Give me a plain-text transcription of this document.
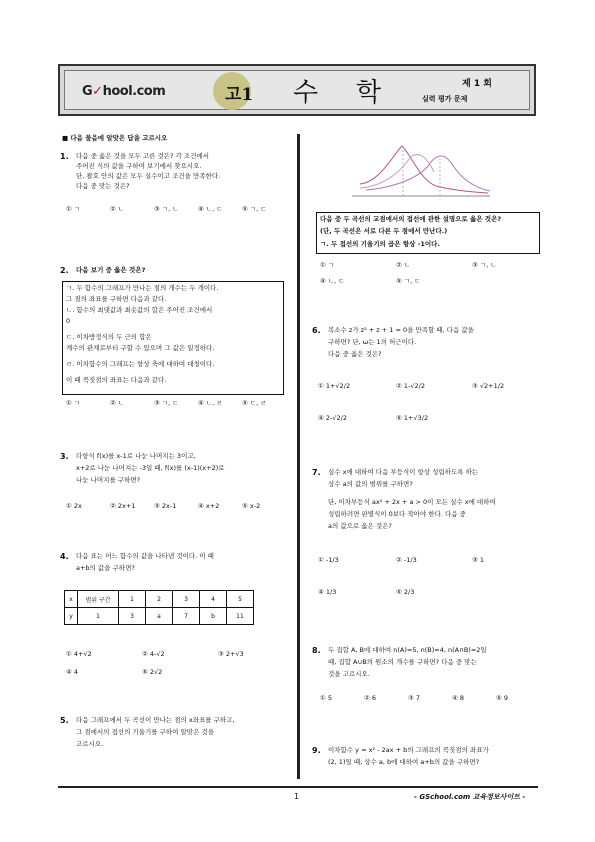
G✓hool.com	고1 수 학	제 1 회
실력 평가 문제
■ 다음 물음에 알맞은 답을 고르시오
1. 다음 중 옳은 것을 모두 고른 것은? 각 조건에서
주어진 식의 값을 구하여 보기에서 찾으시오.
단, 괄호 안의 값은 모두 실수이고 조건을 만족한다.
다음 중 맞는 것은?
① ㄱ	② ㄴ	③ ㄱ, ㄴ	④ ㄴ, ㄷ	⑤ ㄱ, ㄷ
2. 다음 보기 중 옳은 것은?
ㄱ. 두 함수의 그래프가 만나는 점의 개수는 두 개이다.
그 점의 좌표를 구하면 다음과 같다.
ㄴ. 함수의 최댓값과 최솟값의 합은 주어진 조건에서
0
ㄷ. 이차방정식의 두 근의 합은
계수의 관계로부터 구할 수 있으며 그 값은 일정하다.
ㄹ. 이차함수의 그래프는 항상 축에 대하여 대칭이다.
이 때 꼭짓점의 좌표는 다음과 같다.
① ㄱ	② ㄴ	③ ㄱ, ㄷ	④ ㄴ, ㄹ	⑤ ㄷ, ㄹ
3. 다항식 f(x)를 x-1로 나눈 나머지는 3이고,
x+2로 나눈 나머지는 -3일 때, f(x)를 (x-1)(x+2)로
나눈 나머지를 구하면?
① 2x	② 2x+1	③ 2x-1	④ x+2	⑤ x-2
4. 다음 표는 어느 함수의 값을 나타낸 것이다. 이 때
a+b의 값을 구하면?
x	범위 구간	1	2	3	4	5
y	1	3	a	7	b	11
① 4+√2	② 4-√2	③ 2+√3
④ 4	⑤ 2√2
5. 다음 그래프에서 두 곡선이 만나는 점의 x좌표를 구하고,
그 점에서의 접선의 기울기를 구하여 알맞은 것을
고르시오.
다음 중 두 곡선의 교점에서의 접선에 관한 설명으로 옳은 것은?
(단, 두 곡선은 서로 다른 두 점에서 만난다.)
ㄱ. 두 접선의 기울기의 곱은 항상 -1이다.
① ㄱ	② ㄴ	③ ㄱ, ㄴ
④ ㄴ, ㄷ	⑤ ㄱ, ㄷ
6. 복소수 z가 z² + z + 1 = 0을 만족할 때, 다음 값을
구하면? 단, ω는 1의 허근이다.
다음 중 옳은 것은?
① 1+√2/2	② 1-√2/2	③ √2+1/2
④ 2-√2/2	⑤ 1+√3/2
7. 실수 x에 대하여 다음 부등식이 항상 성립하도록 하는
상수 a의 값의 범위를 구하면?
단, 이차부등식 ax² + 2x + a > 0이 모든 실수 x에 대하여
성립하려면 판별식이 0보다 작아야 한다. 다음 중
a의 값으로 옳은 것은?
① -1/3	② -1/3	③ 1
④ 1/3	⑤ 2/3
8. 두 집합 A, B에 대하여 n(A)=5, n(B)=4, n(A∩B)=2일
때, 집합 A∪B의 원소의 개수를 구하면? 다음 중 맞는
것을 고르시오.
① 5	② 6	③ 7	④ 8	⑤ 9
9. 이차함수 y = x² - 2ax + b의 그래프의 꼭짓점의 좌표가
(2, 1)일 때, 상수 a, b에 대하여 a+b의 값을 구하면?
1	- GSchool.com 교육정보사이트 -
